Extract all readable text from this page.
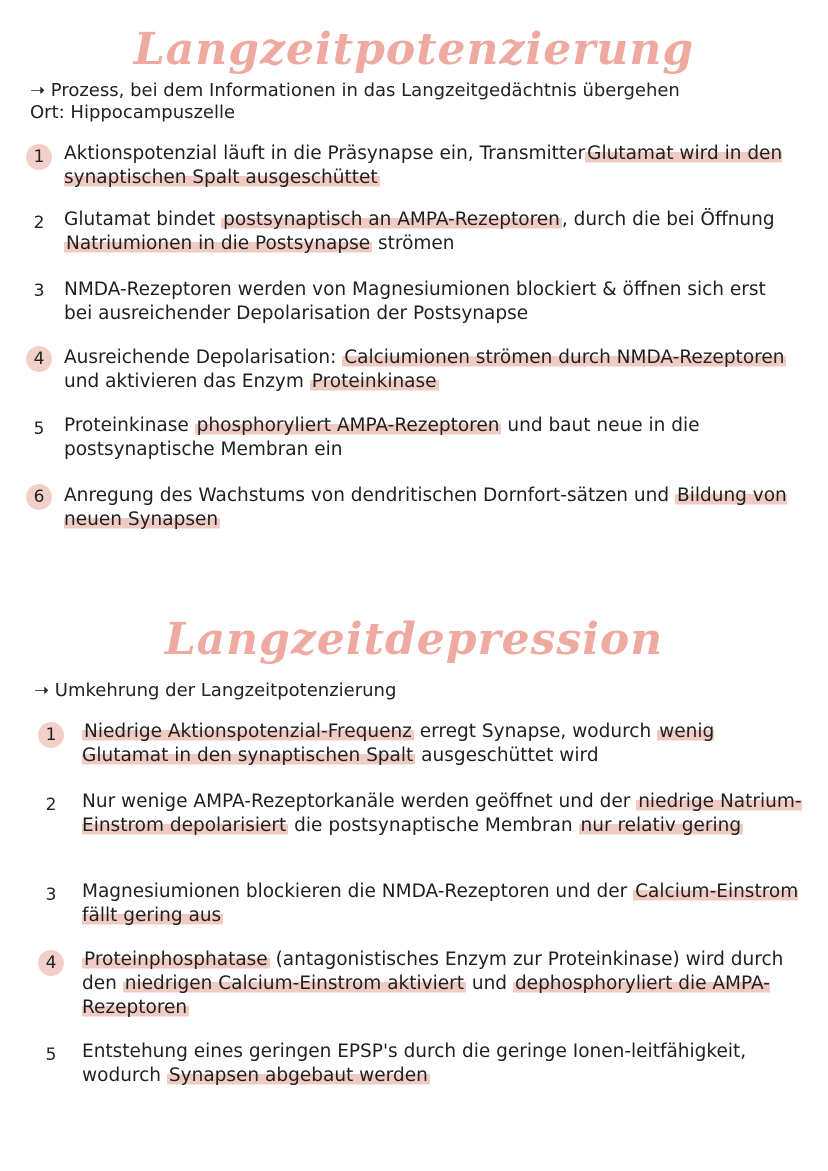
Langzeitpotenzierung
➝ Prozess, bei dem Informationen in das Langzeitgedächtnis übergehen
Ort: Hippocampuszelle
1	Aktionspotenzial läuft in die Präsynapse ein, Transmitter Glutamat wird in den synaptischen Spalt ausgeschüttet
2	Glutamat bindet postsynaptisch an AMPA-Rezeptoren , durch die bei Öffnung Natriumionen in die Postsynapse strömen
3	NMDA-Rezeptoren werden von Magnesiumionen blockiert & öffnen sich erst bei ausreichender Depolarisation der Postsynapse
4	Ausreichende Depolarisation: Calciumionen strömen durch NMDA-Rezeptoren und aktivieren das Enzym Proteinkinase
5	Proteinkinase phosphoryliert AMPA-Rezeptoren und baut neue in die postsynaptische Membran ein
6	Anregung des Wachstums von dendritischen Dornfort-sätzen und Bildung von neuen Synapsen
Langzeitdepression
➝ Umkehrung der Langzeitpotenzierung
1	Niedrige Aktionspotenzial-Frequenz erregt Synapse, wodurch wenig Glutamat in den synaptischen Spalt ausgeschüttet wird
2	Nur wenige AMPA-Rezeptorkanäle werden geöffnet und der niedrige Natrium-Einstrom depolarisiert die postsynaptische Membran nur relativ gering
3	Magnesiumionen blockieren die NMDA-Rezeptoren und der Calcium-Einstrom fällt gering aus
4	Proteinphosphatase (antagonistisches Enzym zur Proteinkinase) wird durch den niedrigen Calcium-Einstrom aktiviert und dephosphoryliert die AMPA-Rezeptoren
5	Entstehung eines geringen EPSP's durch die geringe Ionen-leitfähigkeit, wodurch Synapsen abgebaut werden
